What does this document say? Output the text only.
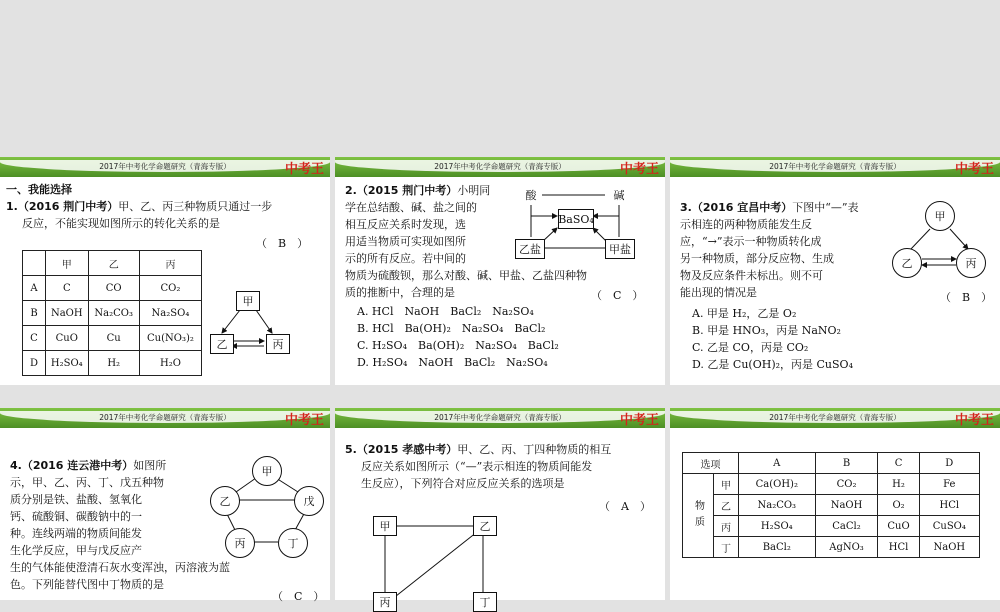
2017年中考化学命题研究（青海专版）	中考王
一、我能选择
1.（2016 荆门中考）甲、乙、丙三种物质只通过一步
反应，不能实现如图所示的转化关系的是
（　B　）
	甲	乙	丙
A	C	CO	CO₂
B	NaOH	Na₂CO₃	Na₂SO₄
C	CuO	Cu	Cu(NO₃)₂
D	H₂SO₄	H₂	H₂O
甲
乙	丙
2017年中考化学命题研究（青海专版）	中考王
2.（2015 荆门中考）小明同
学在总结酸、碱、盐之间的
相互反应关系时发现，选
用适当物质可实现如图所
示的所有反应。若中间的
物质为硫酸钡，那么对酸、碱、甲盐、乙盐四种物
质的推断中，合理的是	（　C　）
A. HCl　NaOH　BaCl₂　Na₂SO₄
B. HCl　Ba(OH)₂　Na₂SO₄　BaCl₂
C. H₂SO₄　Ba(OH)₂　Na₂SO₄　BaCl₂
D. H₂SO₄　NaOH　BaCl₂　Na₂SO₄
酸	碱
BaSO₄
乙盐	甲盐
2017年中考化学命题研究（青海专版）	中考王
3.（2016 宜昌中考）下图中“—”表
示相连的两种物质能发生反
应，“→”表示一种物质转化成
另一种物质，部分反应物、生成
物及反应条件未标出。则不可
能出现的情况是	（　B　）
A. 甲是 H₂，乙是 O₂
B. 甲是 HNO₃，丙是 NaNO₂
C. 乙是 CO，丙是 CO₂
D. 乙是 Cu(OH)₂，丙是 CuSO₄
甲
乙	丙
2017年中考化学命题研究（青海专版）	中考王
4.（2016 连云港中考）如图所
示，甲、乙、丙、丁、戊五种物
质分别是铁、盐酸、氢氧化
钙、硫酸铜、碳酸钠中的一
种。连线两端的物质间能发
生化学反应，甲与戊反应产
生的气体能使澄清石灰水变浑浊，丙溶液为蓝
色。下列能替代图中丁物质的是
（　C　）
甲
乙	戊
丙	丁
2017年中考化学命题研究（青海专版）	中考王
5.（2015 孝感中考）甲、乙、丙、丁四种物质的相互
反应关系如图所示（“—”表示相连的物质间能发
生反应），下列符合对应反应关系的选项是
（　A　）
甲	乙
丙	丁
2017年中考化学命题研究（青海专版）	中考王
选项		A	B	C	D
物质	甲	Ca(OH)₂	CO₂	H₂	Fe
	乙	Na₂CO₃	NaOH	O₂	HCl
	丙	H₂SO₄	CaCl₂	CuO	CuSO₄
	丁	BaCl₂	AgNO₃	HCl	NaOH
